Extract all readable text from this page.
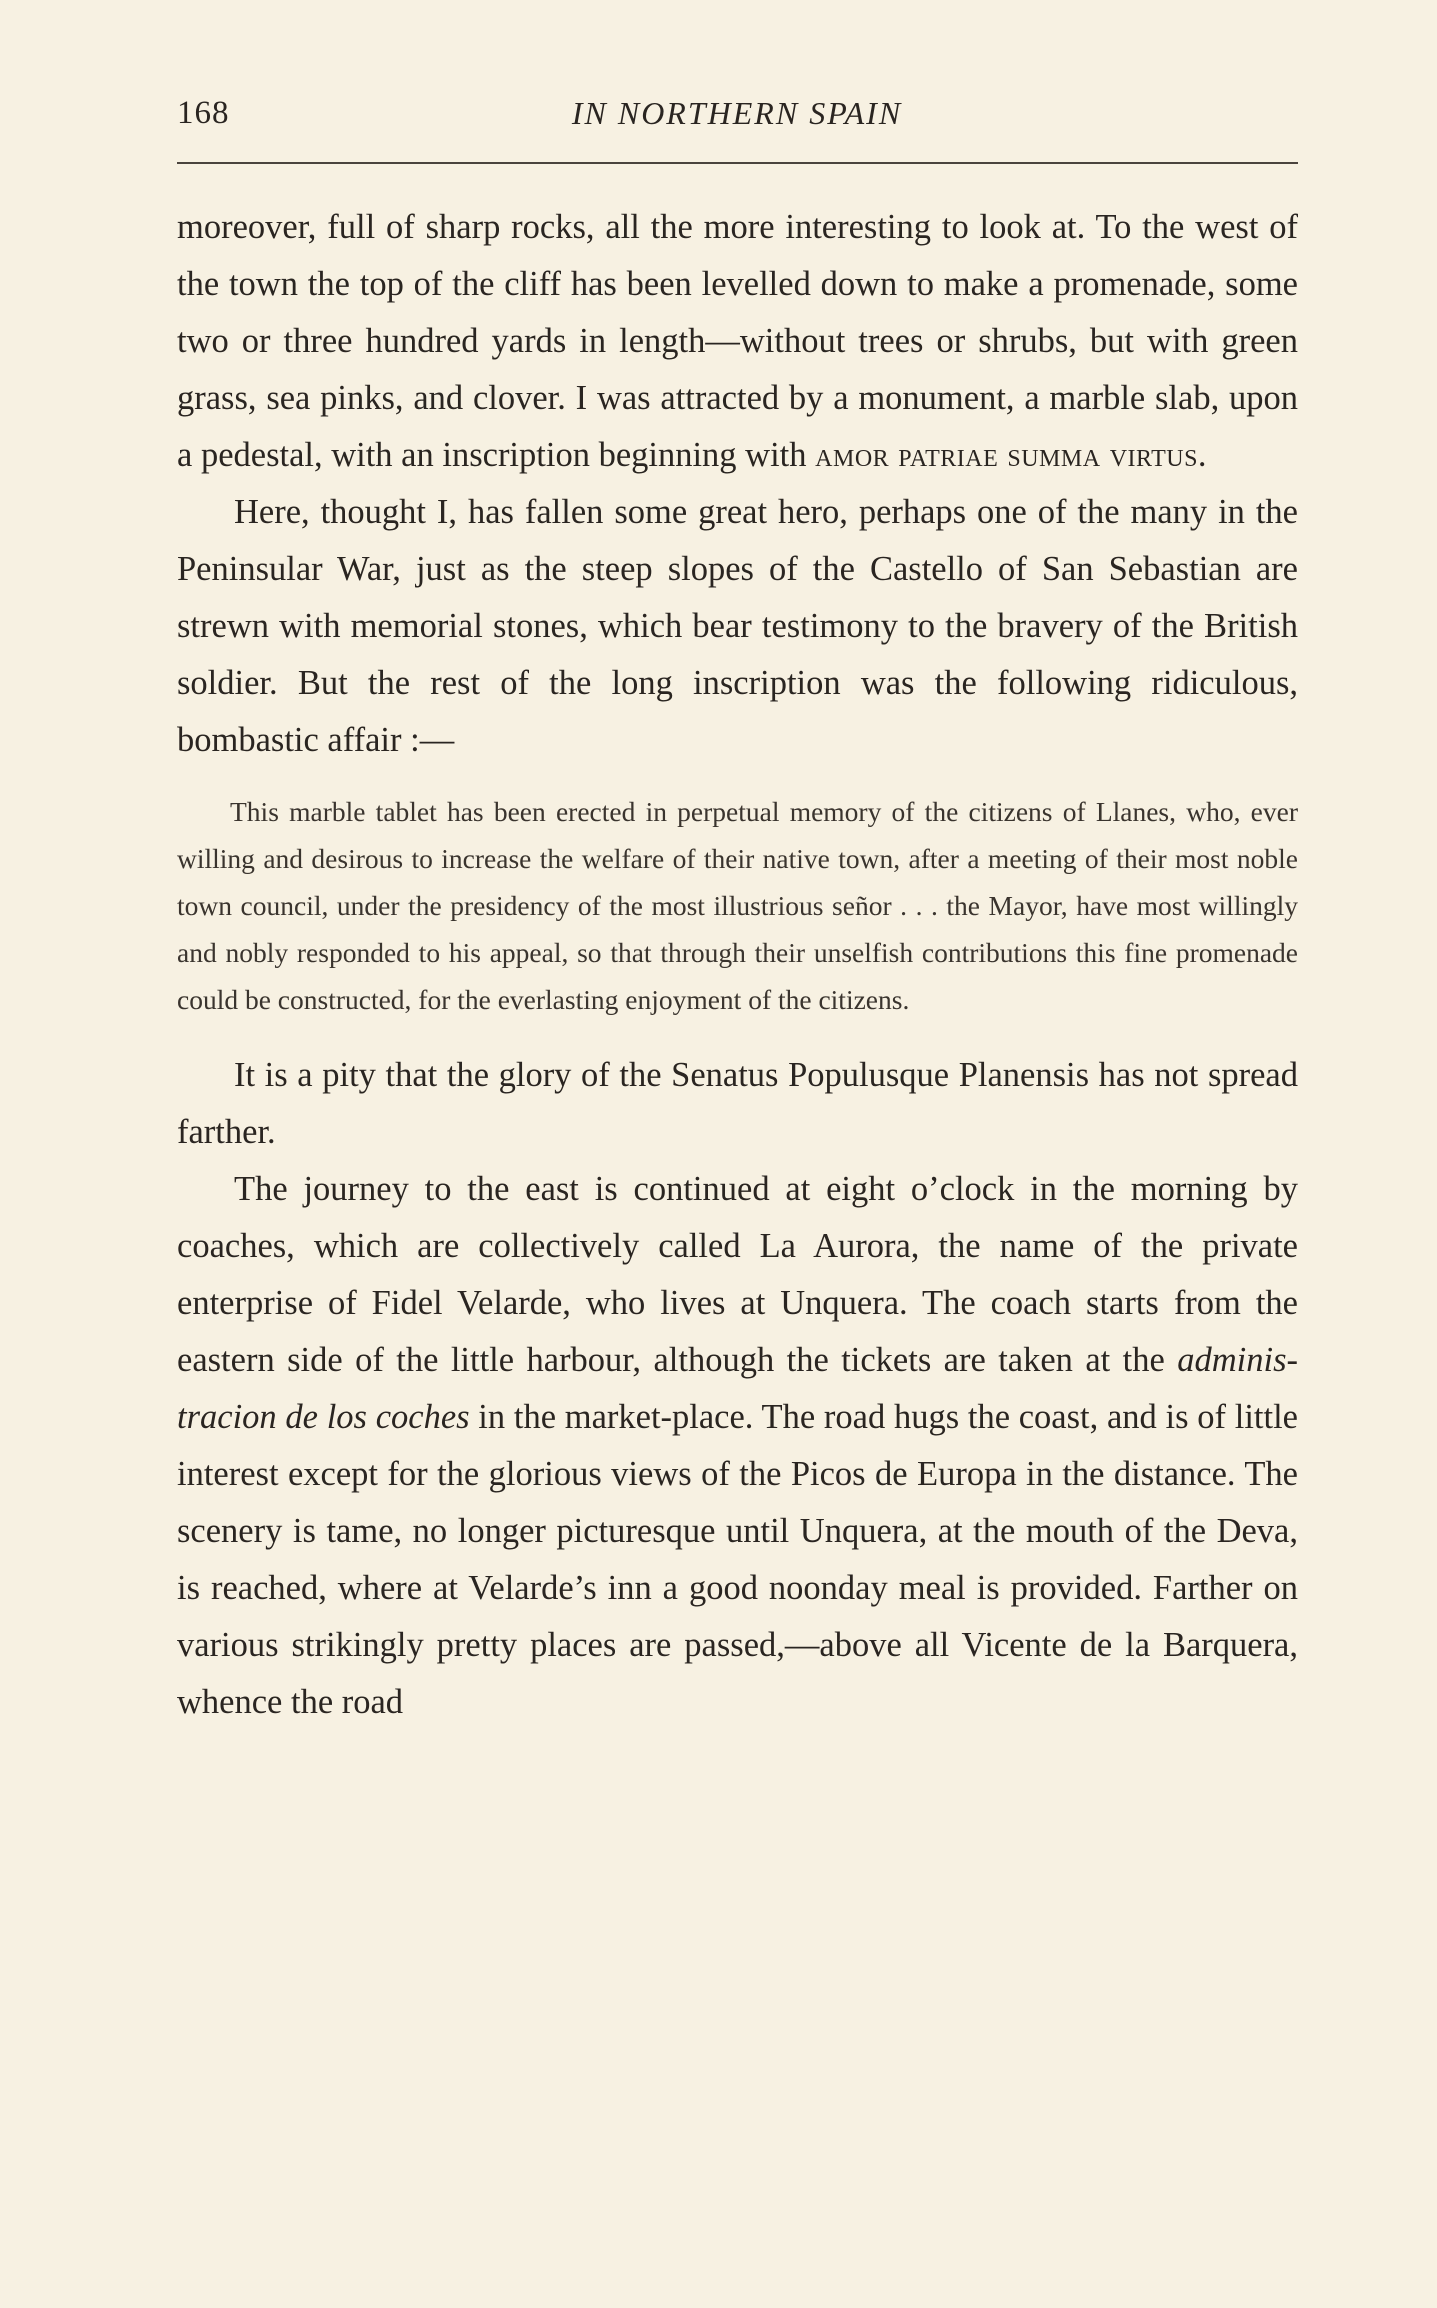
168	IN NORTHERN SPAIN

moreover, full of sharp rocks, all the more interesting to look at. To the west of the town the top of the cliff has been levelled down to make a promenade, some two or three hundred yards in length—without trees or shrubs, but with green grass, sea pinks, and clover. I was attracted by a monument, a marble slab, upon a pedestal, with an inscription beginning with amor patriae summa virtus.

Here, thought I, has fallen some great hero, perhaps one of the many in the Peninsular War, just as the steep slopes of the Castello of San Sebastian are strewn with memorial stones, which bear testimony to the bravery of the British soldier. But the rest of the long inscription was the following ridiculous, bombastic affair :—

This marble tablet has been erected in perpetual memory of the citizens of Llanes, who, ever willing and desirous to increase the welfare of their native town, after a meeting of their most noble town council, under the presidency of the most illustrious señor . . . the Mayor, have most willingly and nobly responded to his appeal, so that through their unselfish contributions this fine promenade could be constructed, for the everlasting enjoyment of the citizens.

It is a pity that the glory of the Senatus Populusque Planensis has not spread farther.

The journey to the east is continued at eight o’clock in the morning by coaches, which are collectively called La Aurora, the name of the private enterprise of Fidel Velarde, who lives at Unquera. The coach starts from the eastern side of the little harbour, although the tickets are taken at the adminis-tracion de los coches in the market-place. The road hugs the coast, and is of little interest except for the glorious views of the Picos de Europa in the distance. The scenery is tame, no longer picturesque until Unquera, at the mouth of the Deva, is reached, where at Velarde’s inn a good noonday meal is provided. Farther on various strikingly pretty places are passed,—above all Vicente de la Barquera, whence the road
